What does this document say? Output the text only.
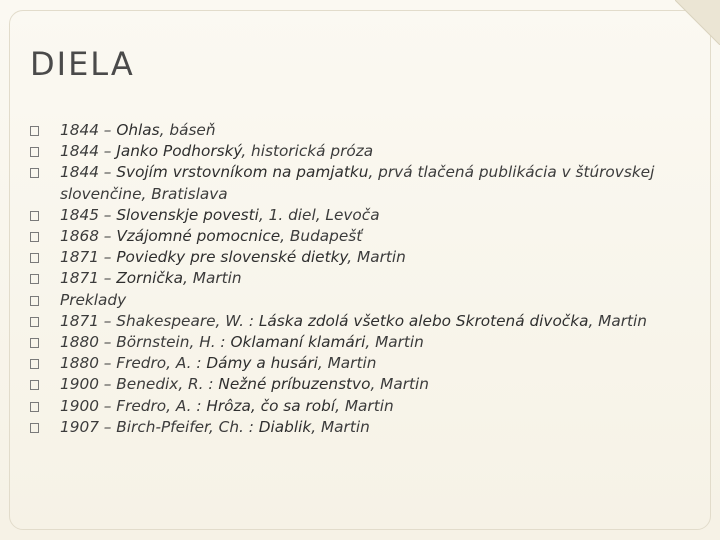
DIELA
1844 – Ohlas, báseň
1844 – Janko Podhorský, historická próza
1844 – Svojím vrstovníkom na pamjatku, prvá tlačená publikácia v štúrovskej slovenčine, Bratislava
1845 – Slovenskje povesti, 1. diel, Levoča
1868 – Vzájomné pomocnice, Budapešť
1871 – Poviedky pre slovenské dietky, Martin
1871 – Zornička, Martin
Preklady
1871 – Shakespeare, W. : Láska zdolá všetko alebo Skrotená divočka, Martin
1880 – Börnstein, H. : Oklamaní klamári, Martin
1880 – Fredro, A. : Dámy a husári, Martin
1900 – Benedix, R. : Nežné príbuzenstvo, Martin
1900 – Fredro, A. : Hrôza, čo sa robí, Martin
1907 – Birch-Pfeifer, Ch. : Diablik, Martin
